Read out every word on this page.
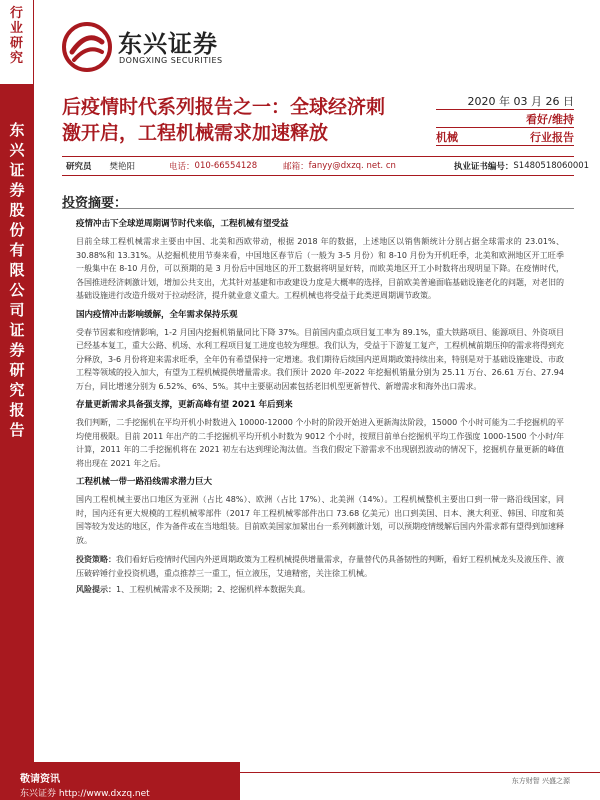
行业研究
东兴证券股份有限公司证券研究报告
东兴证券
DONGXING SECURITIES
后疫情时代系列报告之一：全球经济刺激开启，工程机械需求加速释放
2020 年 03 月 26 日
看好/维持
机械	行业报告
研究员 樊艳阳	电话： 010-66554128	邮箱： fanyy@dxzq. net. cn	执业证书编号： S1480518060001
投资摘要：
疫情冲击下全球逆周期调节时代来临，工程机械有望受益

目前全球工程机械需求主要由中国、北美和西欧带动，根据 2018 年的数据，上述地区以销售额统计分别占据全球需求的 23.01%、30.88%和 13.31%。从挖掘机使用节奏来看，中国地区春节后（一般为 3-5 月份）和 8-10 月份为开机旺季，北美和欧洲地区开工旺季一般集中在 8-10 月份，可以预期的是 3 月份后中国地区的开工数据将明显好转，而欧美地区开工小时数将出现明显下降。在疫情时代，各国推进经济刺激计划，增加公共支出，尤其针对基建和市政建设力度是大概率的选择，目前欧美普遍面临基础设施老化的问题，对老旧的基础设施进行改造升级对于拉动经济，提升就业意义重大。工程机械也将受益于此类逆周期调节政策。

国内疫情冲击影响缓解，全年需求保持乐观

受春节因素和疫情影响，1-2 月国内挖掘机销量同比下降 37%。目前国内重点项目复工率为 89.1%，重大铁路项目、能源项目、外资项目已经基本复工，重大公路、机场、水利工程项目复工进度也较为理想。我们认为，受益于下游复工复产，工程机械前期压抑的需求将得到充分释放，3-6 月份将迎来需求旺季，全年仍有希望保持一定增速。我们期待后续国内逆周期政策持续出来，特别是对于基础设施建设、市政工程等领域的投入加大，有望为工程机械提供增量需求。我们预计 2020 年-2022 年挖掘机销量分别为 25.11 万台、26.61 万台、27.94 万台，同比增速分别为 6.52%、6%、5%。其中主要驱动因素包括老旧机型更新替代、新增需求和海外出口需求。

存量更新需求具备强支撑，更新高峰有望 2021 年后到来

我们判断，二手挖掘机在平均开机小时数进入 10000-12000 个小时的阶段开始进入更新淘汰阶段，15000 个小时可能为二手挖掘机的平均使用极限。目前 2011 年出产的二手挖掘机平均开机小时数为 9012 个小时，按照目前单台挖掘机平均工作强度 1000-1500 个小时/年计算，2011 年的二手挖掘机将在 2021 初左右达到理论淘汰值。当我们假定下游需求不出现剧烈波动的情况下，挖掘机存量更新的峰值将出现在 2021 年之后。

工程机械一带一路沿线需求潜力巨大

国内工程机械主要出口地区为亚洲（占比 48%）、欧洲（占比 17%）、北美洲（14%）。工程机械整机主要出口到一带一路沿线国家，同时，国内还有更大规模的工程机械零部件（2017 年工程机械零部件出口 73.68 亿美元）出口到美国、日本、澳大利亚、韩国、印度和英国等较为发达的地区，作为备件或在当地组装。目前欧美国家加紧出台一系列刺激计划，可以预期疫情缓解后国内外需求都有望得到加速释放。

投资策略：我们看好后疫情时代国内外逆周期政策为工程机械提供增量需求，存量替代仍具备韧性的判断，看好工程机械龙头及液压件、液压破碎锤行业投资机遇，重点推荐三一重工，恒立液压，艾迪精密，关注徐工机械。

风险提示：1、工程机械需求不及预期；2、挖掘机样本数据失真。

敬请资讯
东兴证券 http://www.dxzq.net
东方财智 兴盛之源
